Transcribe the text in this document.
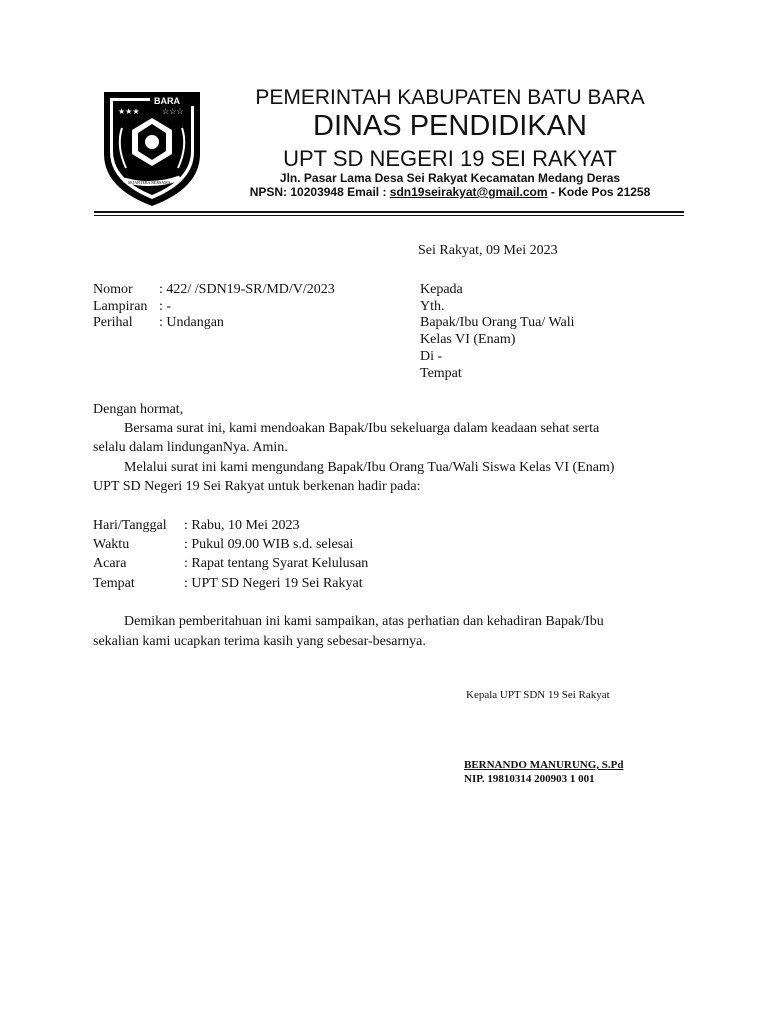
BARA
★★★	☆☆☆
SEJAHTERA BERSAMA
PEMERINTAH KABUPATEN BATU BARA
DINAS PENDIDIKAN
UPT SD NEGERI 19 SEI RAKYAT
Jln. Pasar Lama Desa Sei Rakyat Kecamatan Medang Deras
NPSN: 10203948 Email : sdn19seirakyat@gmail.com - Kode Pos 21258
Sei Rakyat, 09 Mei 2023
Nomor : 422/ /SDN19-SR/MD/V/2023
Lampiran : -
Perihal : Undangan
Kepada
Yth.
Bapak/Ibu Orang Tua/ Wali
Kelas VI (Enam)
Di -
Tempat
Dengan hormat,
Bersama surat ini, kami mendoakan Bapak/Ibu sekeluarga dalam keadaan sehat serta
selalu dalam lindunganNya. Amin.
Melalui surat ini kami mengundang Bapak/Ibu Orang Tua/Wali Siswa Kelas VI (Enam)
UPT SD Negeri 19 Sei Rakyat untuk berkenan hadir pada:
Hari/Tanggal : Rabu, 10 Mei 2023
Waktu	: Pukul 09.00 WIB s.d. selesai
Acara	: Rapat tentang Syarat Kelulusan
Tempat	: UPT SD Negeri 19 Sei Rakyat
Demikan pemberitahuan ini kami sampaikan, atas perhatian dan kehadiran Bapak/Ibu
sekalian kami ucapkan terima kasih yang sebesar-besarnya.
Kepala UPT SDN 19 Sei Rakyat
BERNANDO MANURUNG, S.Pd
NIP. 19810314 200903 1 001
